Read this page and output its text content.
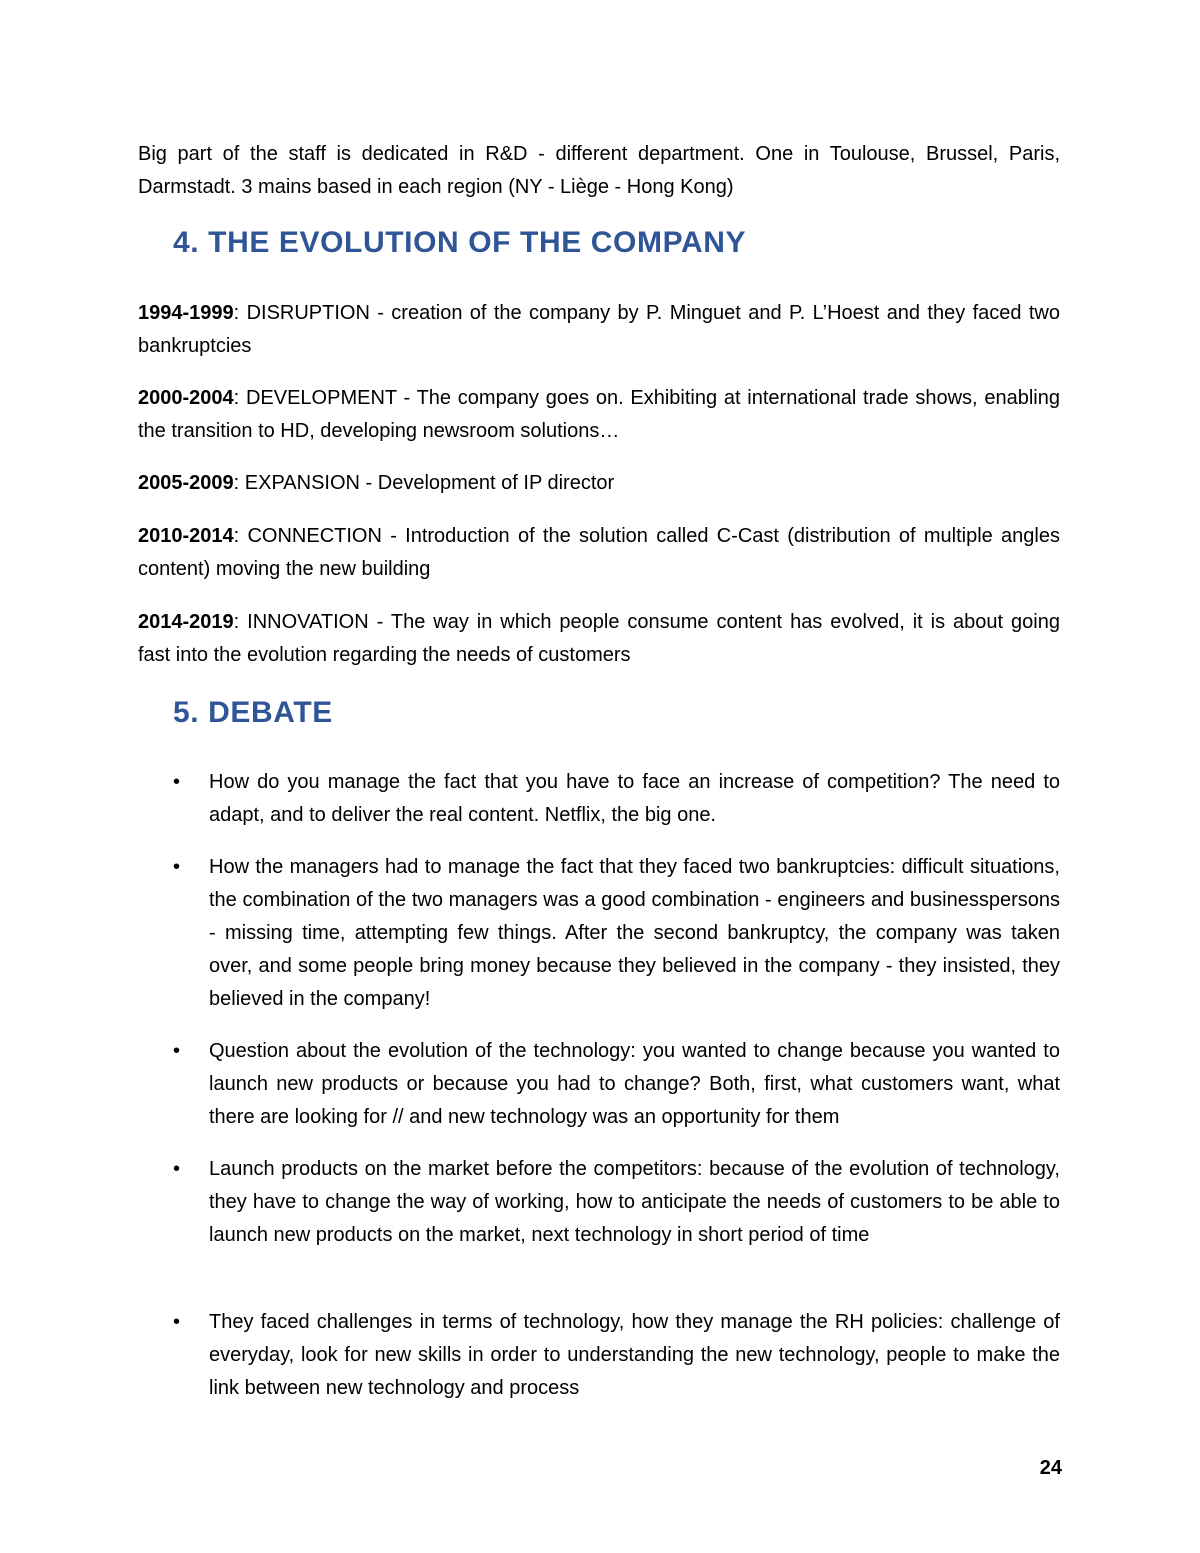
Big part of the staff is dedicated in R&D - different department. One in Toulouse, Brussel, Paris, Darmstadt. 3 mains based in each region (NY - Liège - Hong Kong)

4. THE EVOLUTION OF THE COMPANY

1994-1999: DISRUPTION - creation of the company by P. Minguet and P. L’Hoest and they faced two bankruptcies

2000-2004: DEVELOPMENT - The company goes on. Exhibiting at international trade shows, enabling the transition to HD, developing newsroom solutions…

2005-2009: EXPANSION - Development of IP director

2010-2014: CONNECTION - Introduction of the solution called C-Cast (distribution of multiple angles content) moving the new building

2014-2019: INNOVATION - The way in which people consume content has evolved, it is about going fast into the evolution regarding the needs of customers

5. DEBATE
• How do you manage the fact that you have to face an increase of competition? The need to adapt, and to deliver the real content. Netflix, the big one.

• How the managers had to manage the fact that they faced two bankruptcies: difficult situations, the combination of the two managers was a good combination - engineers and businesspersons - missing time, attempting few things. After the second bankruptcy, the company was taken over, and some people bring money because they believed in the company - they insisted, they believed in the company!

• Question about the evolution of the technology: you wanted to change because you wanted to launch new products or because you had to change? Both, first, what customers want, what there are looking for // and new technology was an opportunity for them

• Launch products on the market before the competitors: because of the evolution of technology, they have to change the way of working, how to anticipate the needs of customers to be able to launch new products on the market, next technology in short period of time

• They faced challenges in terms of technology, how they manage the RH policies: challenge of everyday, look for new skills in order to understanding the new technology, people to make the link between new technology and process

24
